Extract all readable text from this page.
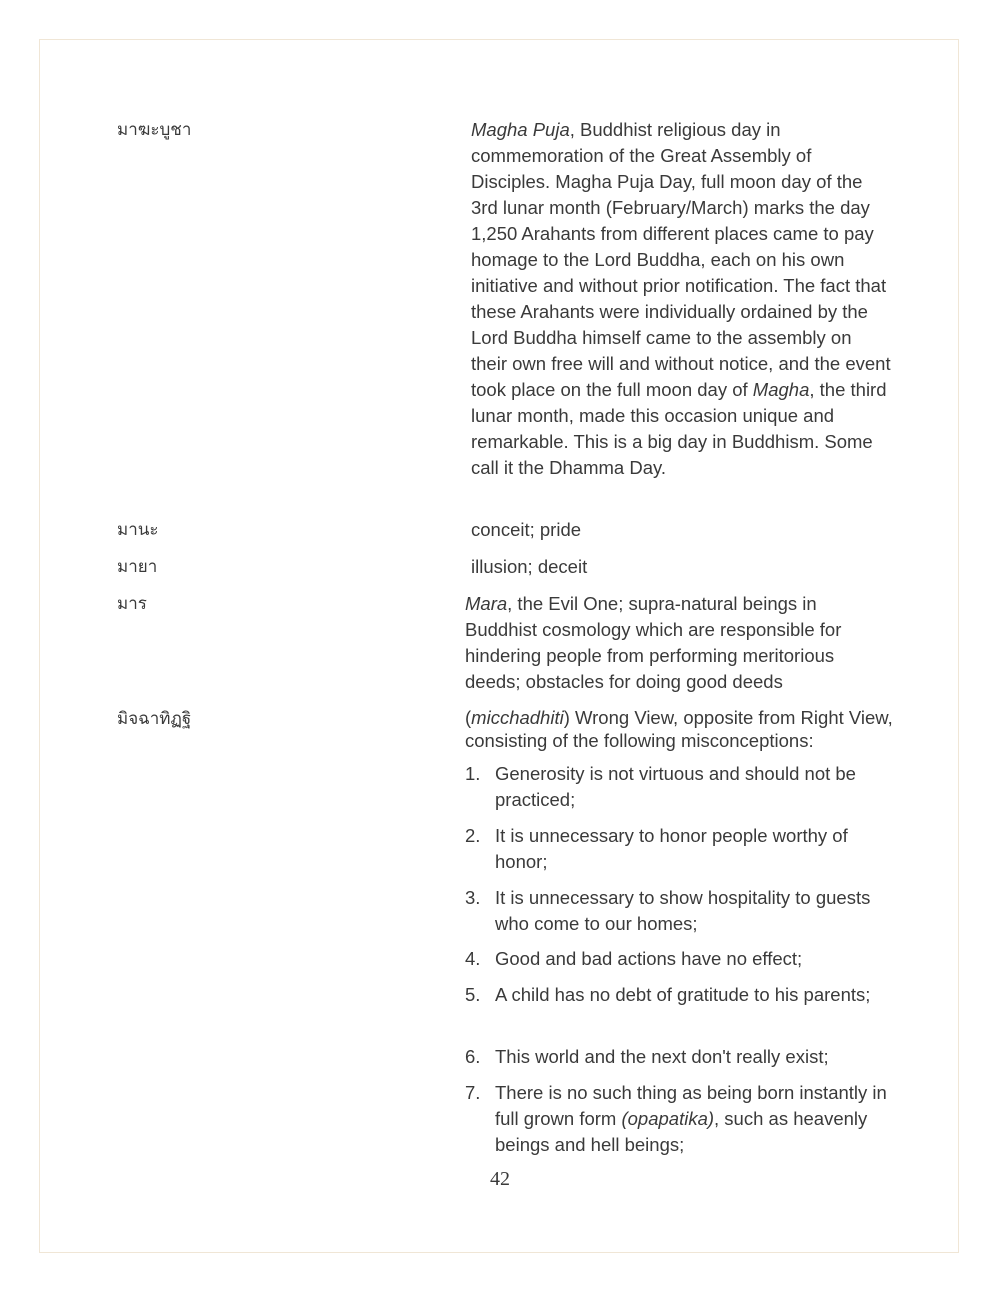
มาฆะบูชา	Magha Puja, Buddhist religious day in commemoration of the Great Assembly of Disciples. Magha Puja Day, full moon day of the 3rd lunar month (February/March) marks the day 1,250 Arahants from different places came to pay homage to the Lord Buddha, each on his own initiative and without prior notification. The fact that these Arahants were individually ordained by the Lord Buddha himself came to the assembly on their own free will and without notice, and the event took place on the full moon day of Magha, the third lunar month, made this occasion unique and remarkable. This is a big day in Buddhism. Some call it the Dhamma Day.
มานะ	conceit; pride
มายา	illusion; deceit
มาร	Mara, the Evil One; supra-natural beings in Buddhist cosmology which are responsible for hindering people from performing meritorious deeds; obstacles for doing good deeds
มิจฉาทิฏฐิ	(micchadhiti) Wrong View, opposite from Right View, consisting of the following misconceptions:
1. Generosity is not virtuous and should not be practiced;
2. It is unnecessary to honor people worthy of honor;
3. It is unnecessary to show hospitality to guests who come to our homes;
4. Good and bad actions have no effect;
5. A child has no debt of gratitude to his parents;
6. This world and the next don't really exist;
7. There is no such thing as being born instantly in full grown form (opapatika), such as heavenly beings and hell beings;
42
